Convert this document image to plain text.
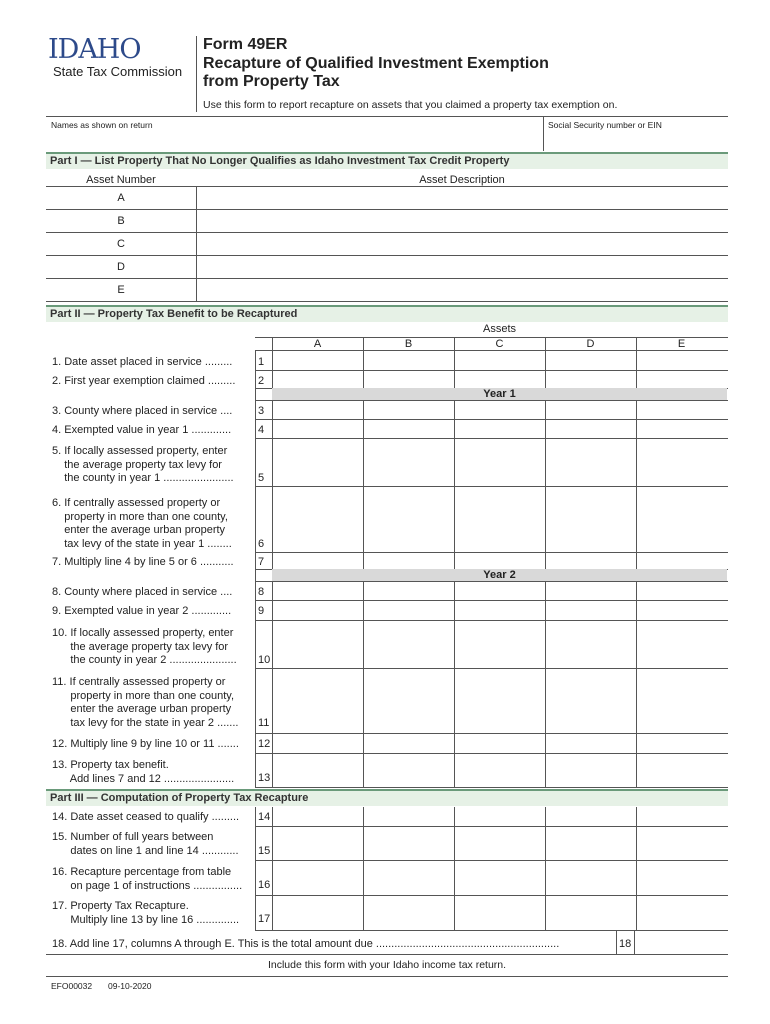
IDAHO
State Tax Commission
Form 49ER
Recapture of Qualified Investment Exemption
from Property Tax
Use this form to report recapture on assets that you claimed a property tax exemption on.
Names as shown on return	Social Security number or EIN
Part I — List Property That No Longer Qualifies as Idaho Investment Tax Credit Property
Asset Number	Asset Description
A
B
C
D
E
Part II — Property Tax Benefit to be Recaptured
Assets
A	B	C	D	E
Year 1
Year 2
1. Date asset placed in service ......... 1
2. First year exemption claimed ......... 2
3. County where placed in service .... 3
4. Exempted value in year 1 ............. 4
5. If locally assessed property, enter
the average property tax levy for
the county in year 1 ....................... 5
6. If centrally assessed property or
property in more than one county,
enter the average urban property
tax levy of the state in year 1 ........ 6
7. Multiply line 4 by line 5 or 6 ........... 7
8. County where placed in service .... 8
9. Exempted value in year 2 ............. 9
10. If locally assessed property, enter
the average property tax levy for
the county in year 2 ...................... 10
11. If centrally assessed property or
property in more than one county,
enter the average urban property
tax levy for the state in year 2 ....... 11
12. Multiply line 9 by line 10 or 11 ....... 12
13. Property tax benefit.
Add lines 7 and 12 ....................... 13
Part III — Computation of Property Tax Recapture
14. Date asset ceased to qualify ......... 14
15. Number of full years between
dates on line 1 and line 14 ............ 15
16. Recapture percentage from table
on page 1 of instructions ................ 16
17. Property Tax Recapture.
Multiply line 13 by line 16 .............. 17
18. Add line 17, columns A through E. This is the total amount due ............................................................	18
Include this form with your Idaho income tax return.
EFO00032 09-10-2020
